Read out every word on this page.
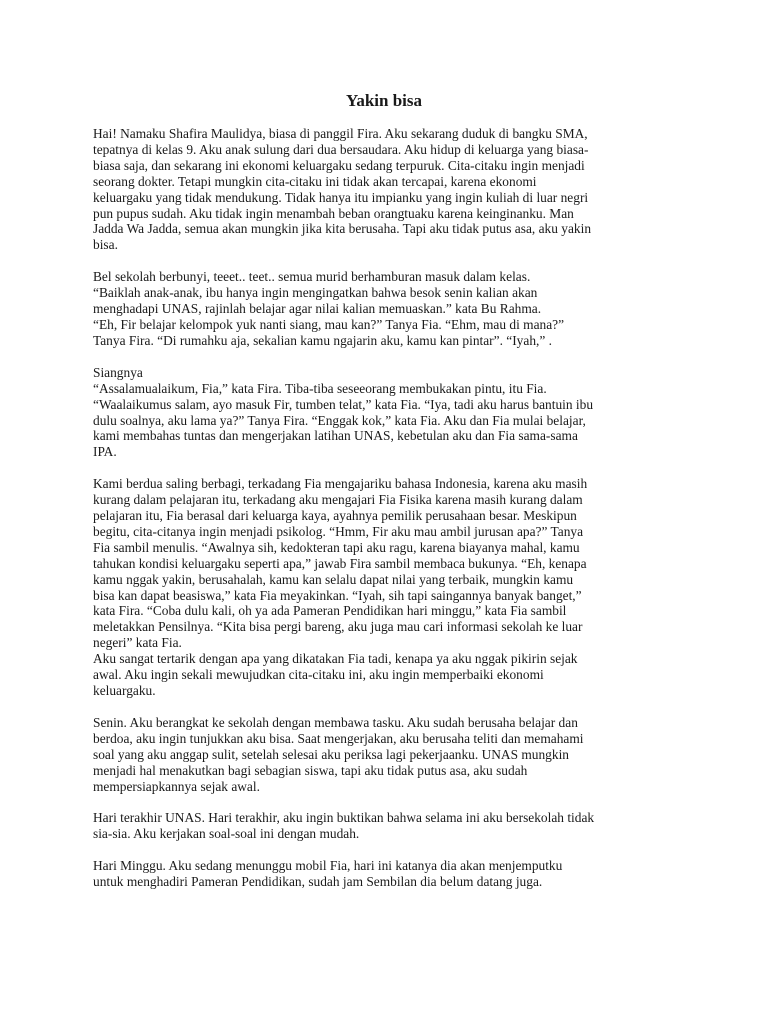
Yakin bisa
Hai! Namaku Shafira Maulidya, biasa di panggil Fira. Aku sekarang duduk di bangku SMA,
tepatnya di kelas 9. Aku anak sulung dari dua bersaudara. Aku hidup di keluarga yang biasa-
biasa saja, dan sekarang ini ekonomi keluargaku sedang terpuruk. Cita-citaku ingin menjadi
seorang dokter. Tetapi mungkin cita-citaku ini tidak akan tercapai, karena ekonomi
keluargaku yang tidak mendukung. Tidak hanya itu impianku yang ingin kuliah di luar negri
pun pupus sudah. Aku tidak ingin menambah beban orangtuaku karena keinginanku. Man
Jadda Wa Jadda, semua akan mungkin jika kita berusaha. Tapi aku tidak putus asa, aku yakin
bisa.
Bel sekolah berbunyi, teeet.. teet.. semua murid berhamburan masuk dalam kelas.
“Baiklah anak-anak, ibu hanya ingin mengingatkan bahwa besok senin kalian akan
menghadapi UNAS, rajinlah belajar agar nilai kalian memuaskan.” kata Bu Rahma.
“Eh, Fir belajar kelompok yuk nanti siang, mau kan?” Tanya Fia. “Ehm, mau di mana?”
Tanya Fira. “Di rumahku aja, sekalian kamu ngajarin aku, kamu kan pintar”. “Iyah,” .
Siangnya
“Assalamualaikum, Fia,” kata Fira. Tiba-tiba seseeorang membukakan pintu, itu Fia.
“Waalaikumus salam, ayo masuk Fir, tumben telat,” kata Fia. “Iya, tadi aku harus bantuin ibu
dulu soalnya, aku lama ya?” Tanya Fira. “Enggak kok,” kata Fia. Aku dan Fia mulai belajar,
kami membahas tuntas dan mengerjakan latihan UNAS, kebetulan aku dan Fia sama-sama
IPA.
Kami berdua saling berbagi, terkadang Fia mengajariku bahasa Indonesia, karena aku masih
kurang dalam pelajaran itu, terkadang aku mengajari Fia Fisika karena masih kurang dalam
pelajaran itu, Fia berasal dari keluarga kaya, ayahnya pemilik perusahaan besar. Meskipun
begitu, cita-citanya ingin menjadi psikolog. “Hmm, Fir aku mau ambil jurusan apa?” Tanya
Fia sambil menulis. “Awalnya sih, kedokteran tapi aku ragu, karena biayanya mahal, kamu
tahukan kondisi keluargaku seperti apa,” jawab Fira sambil membaca bukunya. “Eh, kenapa
kamu nggak yakin, berusahalah, kamu kan selalu dapat nilai yang terbaik, mungkin kamu
bisa kan dapat beasiswa,” kata Fia meyakinkan. “Iyah, sih tapi saingannya banyak banget,”
kata Fira. “Coba dulu kali, oh ya ada Pameran Pendidikan hari minggu,” kata Fia sambil
meletakkan Pensilnya. “Kita bisa pergi bareng, aku juga mau cari informasi sekolah ke luar
negeri” kata Fia.
Aku sangat tertarik dengan apa yang dikatakan Fia tadi, kenapa ya aku nggak pikirin sejak
awal. Aku ingin sekali mewujudkan cita-citaku ini, aku ingin memperbaiki ekonomi
keluargaku.
Senin. Aku berangkat ke sekolah dengan membawa tasku. Aku sudah berusaha belajar dan
berdoa, aku ingin tunjukkan aku bisa. Saat mengerjakan, aku berusaha teliti dan memahami
soal yang aku anggap sulit, setelah selesai aku periksa lagi pekerjaanku. UNAS mungkin
menjadi hal menakutkan bagi sebagian siswa, tapi aku tidak putus asa, aku sudah
mempersiapkannya sejak awal.
Hari terakhir UNAS. Hari terakhir, aku ingin buktikan bahwa selama ini aku bersekolah tidak
sia-sia. Aku kerjakan soal-soal ini dengan mudah.
Hari Minggu. Aku sedang menunggu mobil Fia, hari ini katanya dia akan menjemputku
untuk menghadiri Pameran Pendidikan, sudah jam Sembilan dia belum datang juga.
